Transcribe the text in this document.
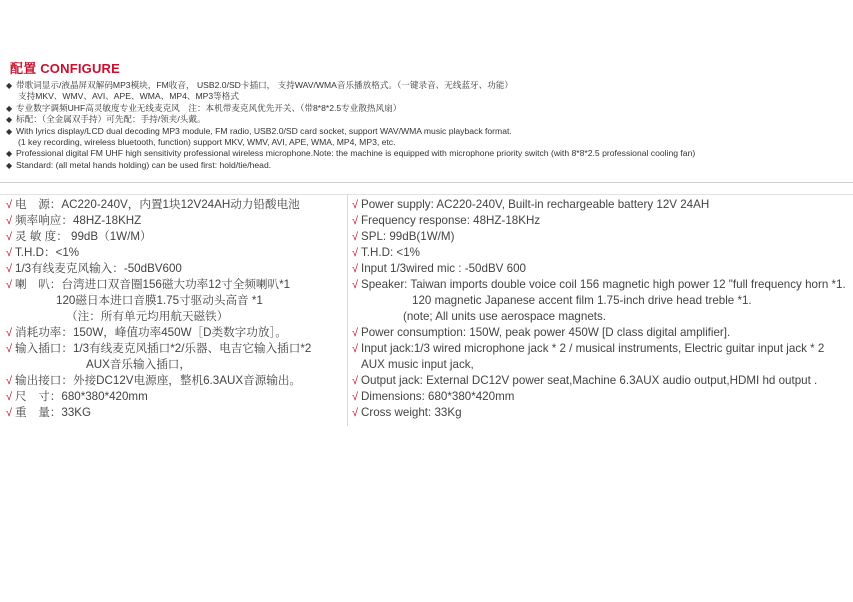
配置 CONFIGURE
◆ 带歌词显示/液晶屏双解码MP3模块，FM收音， USB2.0/SD卡插口， 支持WAV/WMA音乐播放格式。（一键录音、无线蓝牙、功能）
支持MKV、WMV、AVI、APE、WMA、MP4、MP3等格式
◆ 专业数字调频UHF高灵敏度专业无线麦克风　注：本机带麦克风优先开关、（带8*8*2.5专业散热风扇）
◆ 标配：（全金属双手持）可先配：手持/领夹/头戴。
◆ With lyrics display/LCD dual decoding MP3 module, FM radio, USB2.0/SD card socket, support WAV/WMA music playback format.
(1 key recording, wireless bluetooth, function) support MKV, WMV, AVI, APE, WMA, MP4, MP3, etc.
◆ Professional digital FM UHF high sensitivity professional wireless microphone.Note: the machine is equipped with microphone priority switch (with 8*8*2.5 professional cooling fan)
◆ Standard: (all metal hands holding) can be used first: hold/tie/head.
√ 电　源：AC220-240V，内置1块12V24AH动力铅酸电池
√ 频率响应：48HZ-18KHZ
√ 灵 敏 度： 99dB（1W/M）
√ T.H.D：<1%
√ 1/3有线麦克风输入：-50dBV600
√ 喇　叭：台湾进口双音圈156磁大功率12寸全频喇叭*1
120磁日本进口音膜1.75寸驱动头高音 *1
（注：所有单元均用航天磁铁）
√ 消耗功率：150W，峰值功率450W［D类数字功放］。
√ 输入插口：1/3有线麦克风插口*2/乐器、电吉它输入插口*2
AUX音乐输入插口，
√ 输出接口：外接DC12V电源座，整机6.3AUX音源输出。
√ 尺　寸：680*380*420mm
√ 重　量：33KG
√ Power supply: AC220-240V, Built-in rechargeable battery 12V 24AH
√ Frequency response: 48HZ-18KHz
√ SPL: 99dB(1W/M)
√ T.H.D: <1%
√ Input 1/3wired mic : -50dBV 600
√ Speaker: Taiwan imports double voice coil 156 magnetic high power 12 "full frequency horn *1.
120 magnetic Japanese accent film 1.75-inch drive head treble *1.
(note; All units use aerospace magnets.
√ Power consumption: 150W, peak power 450W [D class digital amplifier].
√ Input jack:1/3 wired microphone jack * 2 / musical instruments, Electric guitar input jack * 2
AUX music input jack,
√ Output jack: External DC12V power seat,Machine 6.3AUX audio output,HDMI hd output .
√ Dimensions: 680*380*420mm
√ Cross weight: 33Kg
